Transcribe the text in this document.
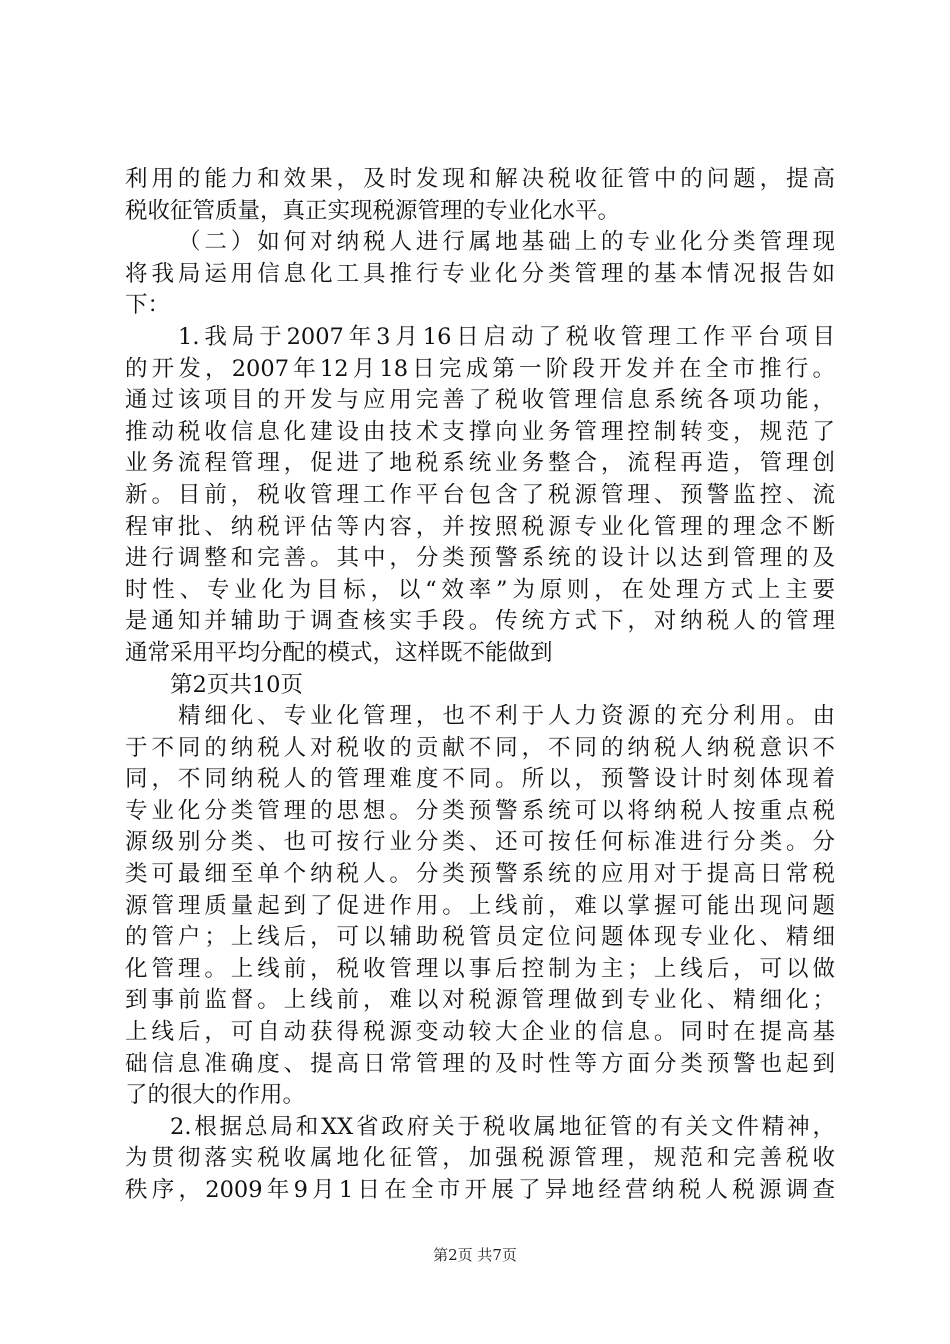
利用的能力和效果，及时发现和解决税收征管中的问题，提高
税收征管质量，真正实现税源管理的专业化水平。
（二）如何对纳税人进行属地基础上的专业化分类管理现
将我局运用信息化工具推行专业化分类管理的基本情况报告如
下：
1.我局于2007年3月16日启动了税收管理工作平台项目
的开发，2007年12月18日完成第一阶段开发并在全市推行。
通过该项目的开发与应用完善了税收管理信息系统各项功能，
推动税收信息化建设由技术支撑向业务管理控制转变，规范了
业务流程管理，促进了地税系统业务整合，流程再造，管理创
新。目前，税收管理工作平台包含了税源管理、预警监控、流
程审批、纳税评估等内容，并按照税源专业化管理的理念不断
进行调整和完善。其中，分类预警系统的设计以达到管理的及
时性、专业化为目标，以“效率”为原则，在处理方式上主要
是通知并辅助于调查核实手段。传统方式下，对纳税人的管理
通常采用平均分配的模式，这样既不能做到
第2页共10页
精细化、专业化管理，也不利于人力资源的充分利用。由
于不同的纳税人对税收的贡献不同，不同的纳税人纳税意识不
同，不同纳税人的管理难度不同。所以，预警设计时刻体现着
专业化分类管理的思想。分类预警系统可以将纳税人按重点税
源级别分类、也可按行业分类、还可按任何标准进行分类。分
类可最细至单个纳税人。分类预警系统的应用对于提高日常税
源管理质量起到了促进作用。上线前，难以掌握可能出现问题
的管户；上线后，可以辅助税管员定位问题体现专业化、精细
化管理。上线前，税收管理以事后控制为主；上线后，可以做
到事前监督。上线前，难以对税源管理做到专业化、精细化；
上线后，可自动获得税源变动较大企业的信息。同时在提高基
础信息准确度、提高日常管理的及时性等方面分类预警也起到
了的很大的作用。
2.根据总局和XX省政府关于税收属地征管的有关文件精神，
为贯彻落实税收属地化征管，加强税源管理，规范和完善税收
秩序，2009年9月1日在全市开展了异地经营纳税人税源调查
第2页 共7页
